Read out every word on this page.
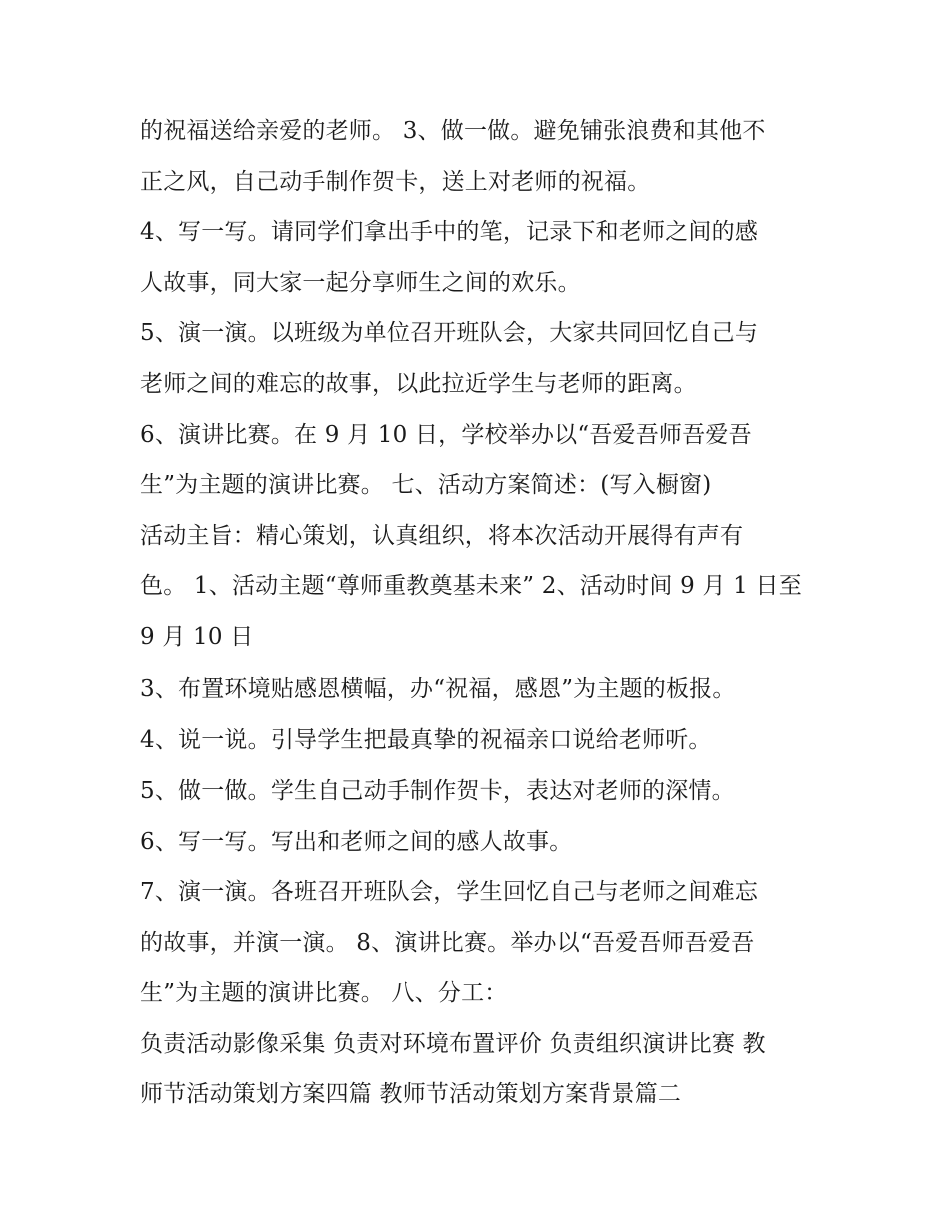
的祝福送给亲爱的老师。 3、做一做。避免铺张浪费和其他不
正之风，自己动手制作贺卡，送上对老师的祝福。
4、写一写。请同学们拿出手中的笔，记录下和老师之间的感
人故事，同大家一起分享师生之间的欢乐。
5、演一演。以班级为单位召开班队会，大家共同回忆自己与
老师之间的难忘的故事，以此拉近学生与老师的距离。
6、演讲比赛。在 9 月 10 日，学校举办以“吾爱吾师吾爱吾
生”为主题的演讲比赛。 七、活动方案简述：(写入橱窗)
活动主旨：精心策划，认真组织，将本次活动开展得有声有
色。 1、活动主题“尊师重教奠基未来” 2、活动时间 9 月 1 日至
9 月 10 日
3、布置环境贴感恩横幅，办“祝福，感恩”为主题的板报。
4、说一说。引导学生把最真挚的祝福亲口说给老师听。
5、做一做。学生自己动手制作贺卡，表达对老师的深情。
6、写一写。写出和老师之间的感人故事。
7、演一演。各班召开班队会，学生回忆自己与老师之间难忘
的故事，并演一演。 8、演讲比赛。举办以“吾爱吾师吾爱吾
生”为主题的演讲比赛。 八、分工：
负责活动影像采集 负责对环境布置评价 负责组织演讲比赛 教
师节活动策划方案四篇 教师节活动策划方案背景篇二
